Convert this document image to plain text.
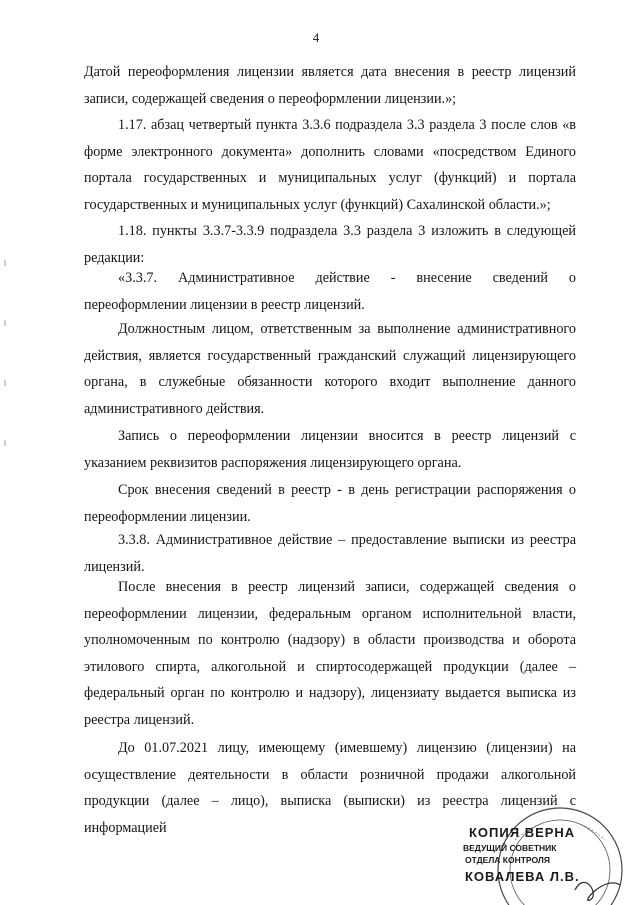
4

Датой переоформления лицензии является дата внесения в реестр лицензий записи, содержащей сведения о переоформлении лицензии.»;

1.17. абзац четвертый пункта 3.3.6 подраздела 3.3 раздела 3 после слов «в форме электронного документа» дополнить словами «посредством Единого портала государственных и муниципальных услуг (функций) и портала государственных и муниципальных услуг (функций) Сахалинской области.»;

1.18. пункты 3.3.7-3.3.9 подраздела 3.3 раздела 3 изложить в следующей редакции:

«3.3.7. Административное действие - внесение сведений о переоформлении лицензии в реестр лицензий.

Должностным лицом, ответственным за выполнение административного действия, является государственный гражданский служащий лицензирующего органа, в служебные обязанности которого входит выполнение данного административного действия.

Запись о переоформлении лицензии вносится в реестр лицензий с указанием реквизитов распоряжения лицензирующего органа.

Срок внесения сведений в реестр - в день регистрации распоряжения о переоформлении лицензии.

3.3.8. Административное действие – предоставление выписки из реестра лицензий.

После внесения в реестр лицензий записи, содержащей сведения о переоформлении лицензии, федеральным органом исполнительной власти, уполномоченным по контролю (надзору) в области производства и оборота этилового спирта, алкогольной и спиртосодержащей продукции (далее – федеральный орган по контролю и надзору), лицензиату выдается выписка из реестра лицензий.

До 01.07.2021 лицу, имеющему (имевшему) лицензию (лицензии) на осуществление деятельности в области розничной продажи алкогольной продукции (далее – лицо), выписка (выписки) из реестра лицензий с информацией	КОПИЯ ВЕРНА
ВЕДУЩИЙ СОВЕТНИК
ОТДЕЛА КОНТРОЛЯ
КОВАЛЕВА Л.В.
